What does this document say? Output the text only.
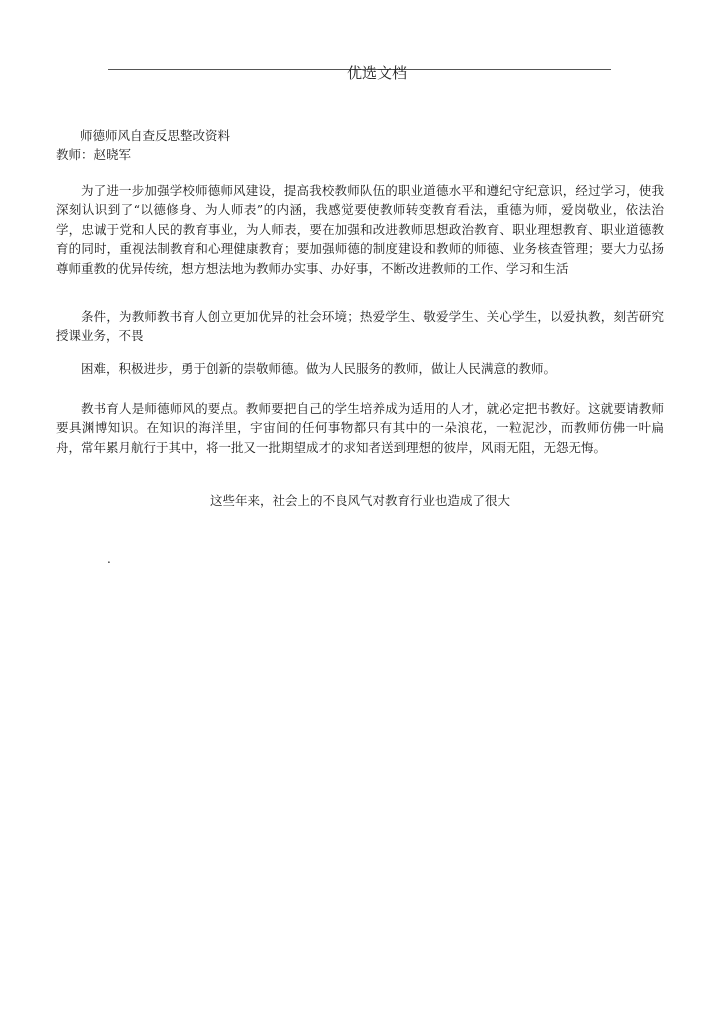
优选文档
师德师风自查反思整改资料
教师：赵晓军

为了进一步加强学校师德师风建设，提高我校教师队伍的职业道德水平和遵纪守纪意识，经过学习，使我深刻认识到了“以德修身、为人师表”的内涵，我感觉要使教师转变教育看法，重德为师，爱岗敬业，依法治学，忠诚于党和人民的教育事业，为人师表，要在加强和改进教师思想政治教育、职业理想教育、职业道德教育的同时，重视法制教育和心理健康教育；要加强师德的制度建设和教师的师德、业务核查管理；要大力弘扬尊师重教的优异传统，想方想法地为教师办实事、办好事，不断改进教师的工作、学习和生活

条件，为教师教书育人创立更加优异的社会环境；热爱学生、敬爱学生、关心学生，以爱执教，刻苦研究授课业务，不畏

困难，积极进步，勇于创新的崇敬师德。做为人民服务的教师，做让人民满意的教师。

教书育人是师德师风的要点。教师要把自己的学生培养成为适用的人才，就必定把书教好。这就要请教师要具渊博知识。在知识的海洋里，宇宙间的任何事物都只有其中的一朵浪花，一粒泥沙，而教师仿佛一叶扁舟，常年累月航行于其中，将一批又一批期望成才的求知者送到理想的彼岸，风雨无阻，无怨无悔。

这些年来，社会上的不良风气对教育行业也造成了很大
.
